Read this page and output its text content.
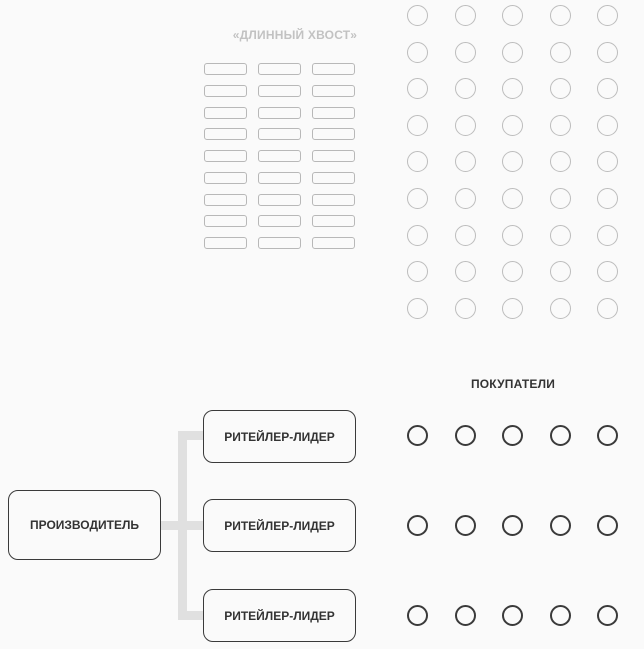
«ДЛИННЫЙ ХВОСТ»
ПОКУПАТЕЛИ
ПРОИЗВОДИТЕЛЬ
РИТЕЙЛЕР-ЛИДЕР
РИТЕЙЛЕР-ЛИДЕР
РИТЕЙЛЕР-ЛИДЕР
